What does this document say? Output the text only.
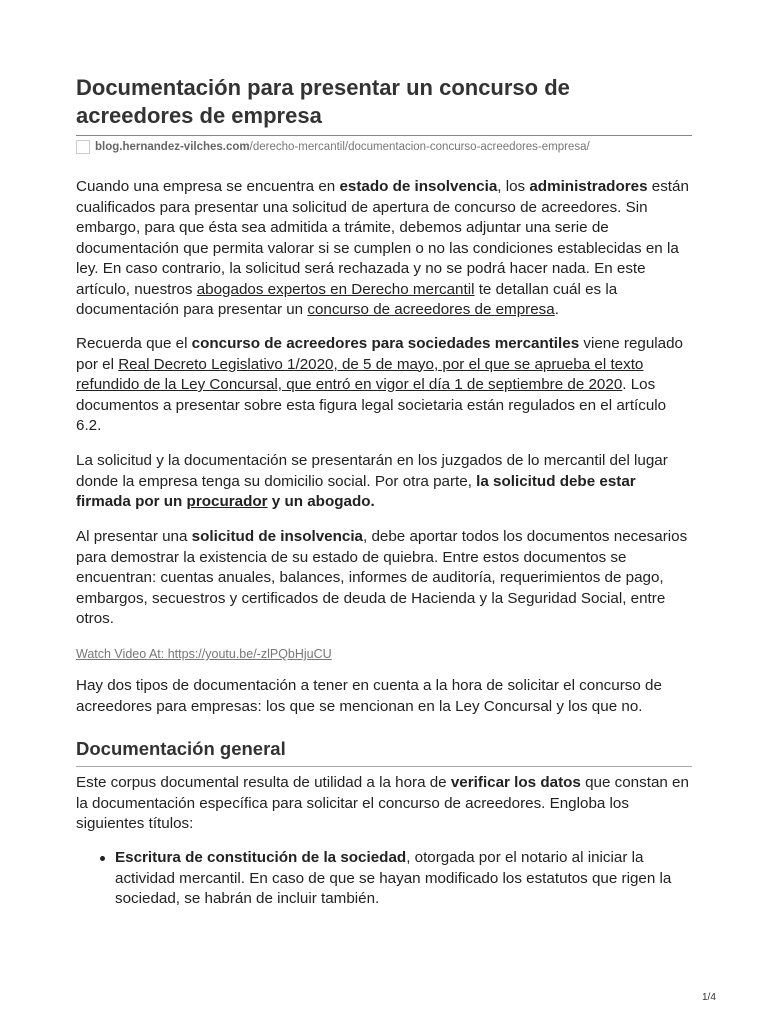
Documentación para presentar un concurso de acreedores de empresa
blog.hernandez-vilches.com /derecho-mercantil/documentacion-concurso-acreedores-empresa/

Cuando una empresa se encuentra en estado de insolvencia, los administradores están cualificados para presentar una solicitud de apertura de concurso de acreedores. Sin embargo, para que ésta sea admitida a trámite, debemos adjuntar una serie de documentación que permita valorar si se cumplen o no las condiciones establecidas en la ley. En caso contrario, la solicitud será rechazada y no se podrá hacer nada. En este artículo, nuestros abogados expertos en Derecho mercantil te detallan cuál es la documentación para presentar un concurso de acreedores de empresa.

Recuerda que el concurso de acreedores para sociedades mercantiles viene regulado por el Real Decreto Legislativo 1/2020, de 5 de mayo, por el que se aprueba el texto refundido de la Ley Concursal, que entró en vigor el día 1 de septiembre de 2020. Los documentos a presentar sobre esta figura legal societaria están regulados en el artículo 6.2.

La solicitud y la documentación se presentarán en los juzgados de lo mercantil del lugar donde la empresa tenga su domicilio social. Por otra parte, la solicitud debe estar firmada por un procurador y un abogado.

Al presentar una solicitud de insolvencia, debe aportar todos los documentos necesarios para demostrar la existencia de su estado de quiebra. Entre estos documentos se encuentran: cuentas anuales, balances, informes de auditoría, requerimientos de pago, embargos, secuestros y certificados de deuda de Hacienda y la Seguridad Social, entre otros.

Watch Video At: https://youtu.be/-zlPQbHjuCU

Hay dos tipos de documentación a tener en cuenta a la hora de solicitar el concurso de acreedores para empresas: los que se mencionan en la Ley Concursal y los que no.

Documentación general

Este corpus documental resulta de utilidad a la hora de verificar los datos que constan en la documentación específica para solicitar el concurso de acreedores. Engloba los siguientes títulos:

Escritura de constitución de la sociedad, otorgada por el notario al iniciar la actividad mercantil. En caso de que se hayan modificado los estatutos que rigen la sociedad, se habrán de incluir también.
1/4
